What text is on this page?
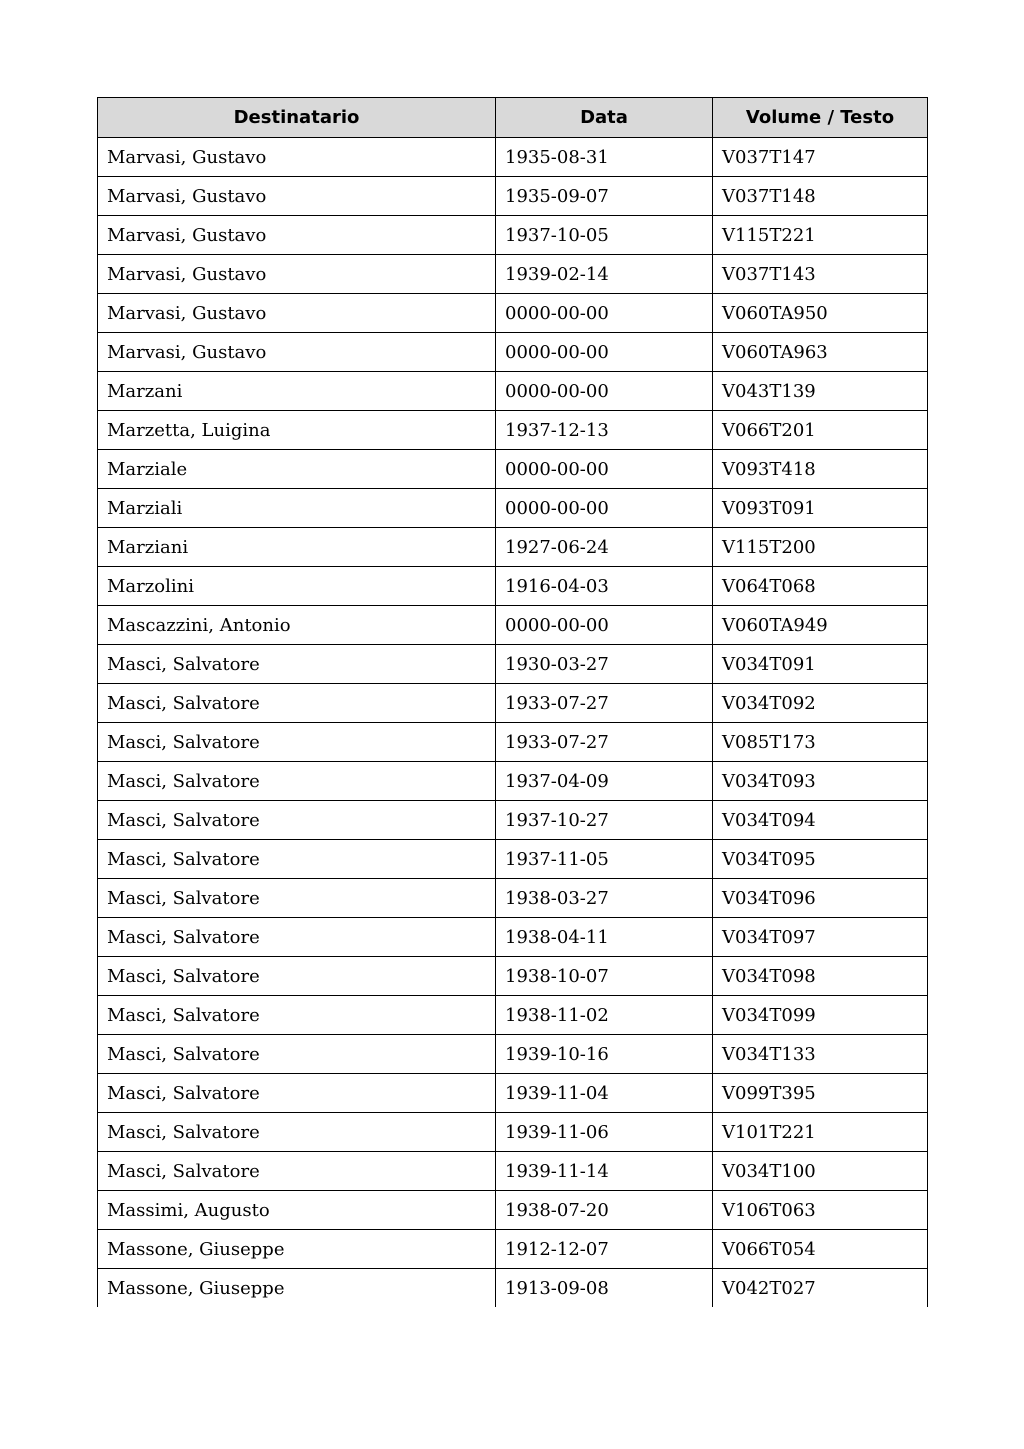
Destinatario	Data	Volume / Testo
Marvasi, Gustavo	1935-08-31	V037T147
Marvasi, Gustavo	1935-09-07	V037T148
Marvasi, Gustavo	1937-10-05	V115T221
Marvasi, Gustavo	1939-02-14	V037T143
Marvasi, Gustavo	0000-00-00	V060TA950
Marvasi, Gustavo	0000-00-00	V060TA963
Marzani	0000-00-00	V043T139
Marzetta, Luigina	1937-12-13	V066T201
Marziale	0000-00-00	V093T418
Marziali	0000-00-00	V093T091
Marziani	1927-06-24	V115T200
Marzolini	1916-04-03	V064T068
Mascazzini, Antonio	0000-00-00	V060TA949
Masci, Salvatore	1930-03-27	V034T091
Masci, Salvatore	1933-07-27	V034T092
Masci, Salvatore	1933-07-27	V085T173
Masci, Salvatore	1937-04-09	V034T093
Masci, Salvatore	1937-10-27	V034T094
Masci, Salvatore	1937-11-05	V034T095
Masci, Salvatore	1938-03-27	V034T096
Masci, Salvatore	1938-04-11	V034T097
Masci, Salvatore	1938-10-07	V034T098
Masci, Salvatore	1938-11-02	V034T099
Masci, Salvatore	1939-10-16	V034T133
Masci, Salvatore	1939-11-04	V099T395
Masci, Salvatore	1939-11-06	V101T221
Masci, Salvatore	1939-11-14	V034T100
Massimi, Augusto	1938-07-20	V106T063
Massone, Giuseppe	1912-12-07	V066T054
Massone, Giuseppe	1913-09-08	V042T027
